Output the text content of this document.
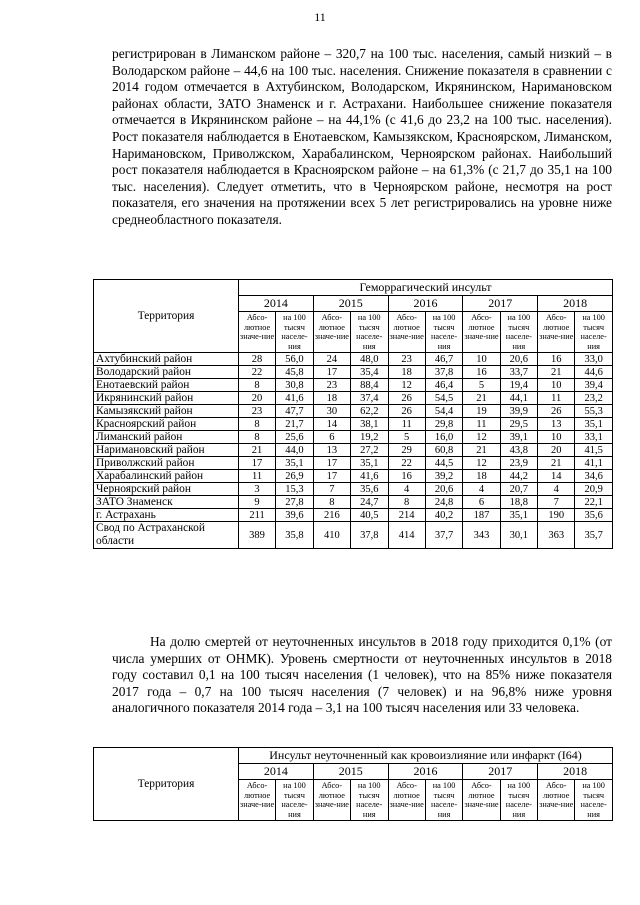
11

регистрирован в Лиманском районе – 320,7 на 100 тыс. населения, самый низкий – в Володарском районе – 44,6 на 100 тыс. населения. Снижение показателя в сравнении с 2014 годом отмечается в Ахтубинском, Володарском, Икрянинском, Наримановском районах области, ЗАТО Знаменск и г. Астрахани. Наибольшее снижение показателя отмечается в Икрянинском районе – на 44,1% (с 41,6 до 23,2 на 100 тыс. населения). Рост показателя наблюдается в Енотаевском, Камызякском, Красноярском, Лиманском, Наримановском, Приволжском, Харабалинском, Черноярском районах. Наибольший рост показателя наблюдается в Красноярском районе – на 61,3% (с 21,7 до 35,1 на 100 тыс. населения). Следует отметить, что в Черноярском районе, несмотря на рост показателя, его значения на протяжении всех 5 лет регистрировались на уровне ниже среднеобластного показателя.

Территория	Геморрагический инсульт									
	2014		2015		2016		2017		2018	
	Абсо-лютное значе-ние	на 100 тысяч населе-ния	Абсо-лютное значе-ние	на 100 тысяч населе-ния	Абсо-лютное значе-ние	на 100 тысяч населе-ния	Абсо-лютное значе-ние	на 100 тысяч населе-ния	Абсо-лютное значе-ние	на 100 тысяч населе-ния
Ахтубинский район	28	56,0	24	48,0	23	46,7	10	20,6	16	33,0
Володарский район	22	45,8	17	35,4	18	37,8	16	33,7	21	44,6
Енотаевский район	8	30,8	23	88,4	12	46,4	5	19,4	10	39,4
Икрянинский район	20	41,6	18	37,4	26	54,5	21	44,1	11	23,2
Камызякский район	23	47,7	30	62,2	26	54,4	19	39,9	26	55,3
Красноярский район	8	21,7	14	38,1	11	29,8	11	29,5	13	35,1
Лиманский район	8	25,6	6	19,2	5	16,0	12	39,1	10	33,1
Наримановский район	21	44,0	13	27,2	29	60,8	21	43,8	20	41,5
Приволжский район	17	35,1	17	35,1	22	44,5	12	23,9	21	41,1
Харабалинский район	11	26,9	17	41,6	16	39,2	18	44,2	14	34,6
Черноярский район	3	15,3	7	35,6	4	20,6	4	20,7	4	20,9
ЗАТО Знаменск	9	27,8	8	24,7	8	24,8	6	18,8	7	22,1
г. Астрахань	211	39,6	216	40,5	214	40,2	187	35,1	190	35,6
Свод по Астраханской области	389	35,8	410	37,8	414	37,7	343	30,1	363	35,7

На долю смертей от неуточненных инсультов в 2018 году приходится 0,1% (от числа умерших от ОНМК). Уровень смертности от неуточненных инсультов в 2018 году составил 0,1 на 100 тысяч населения (1 человек), что на 85% ниже показателя 2017 года – 0,7 на 100 тысяч населения (7 человек) и на 96,8% ниже уровня аналогичного показателя 2014 года – 3,1 на 100 тысяч населения или 33 человека.

Территория	Инсульт неуточненный как кровоизлияние или инфаркт (I64)									
	2014		2015		2016		2017		2018	
	Абсо-лютное значе-ние	на 100 тысяч населе-ния	Абсо-лютное значе-ние	на 100 тысяч населе-ния	Абсо-лютное значе-ние	на 100 тысяч населе-ния	Абсо-лютное значе-ние	на 100 тысяч населе-ния	Абсо-лютное значе-ние	на 100 тысяч населе-ния
